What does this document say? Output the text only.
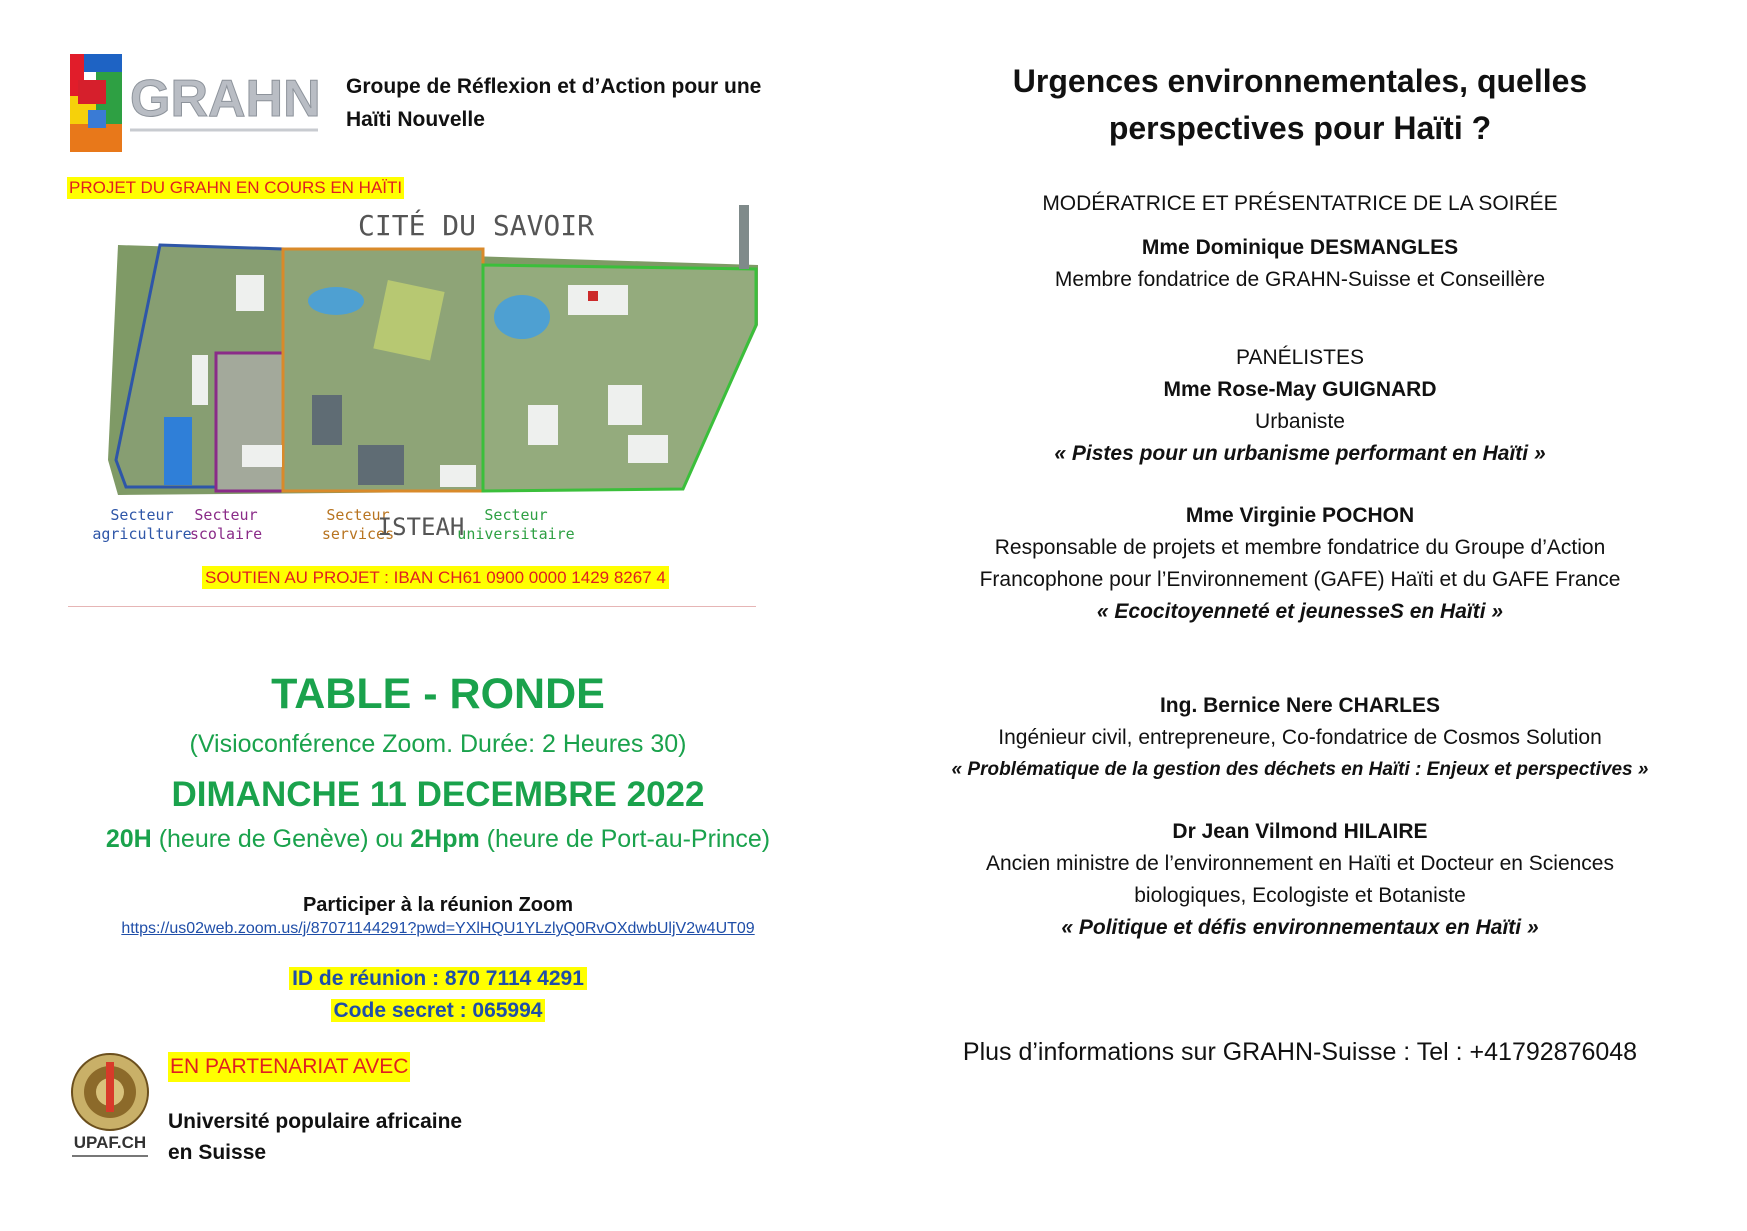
GRAHN Groupe de Réflexion et d’Action pour une
Haïti Nouvelle
PROJET DU GRAHN EN COURS EN HAÏTI
CITÉ DU SAVOIR
Secteur
agriculture
Secteur
scolaire
Secteur
services
Secteur
universitaire
ISTEAH
SOUTIEN AU PROJET : IBAN CH61 0900 0000 1429 8267 4
TABLE - RONDE
(Visioconférence Zoom. Durée: 2 Heures 30)
DIMANCHE 11 DECEMBRE 2022
20H (heure de Genève) ou 2Hpm (heure de Port-au-Prince)
Participer à la réunion Zoom
https://us02web.zoom.us/j/87071144291?pwd=YXlHQU1YLzlyQ0RvOXdwbUljV2w4UT09
ID de réunion : 870 7114 4291
Code secret : 065994
UPAF.CH
EN PARTENARIAT AVEC
Université populaire africaine
en Suisse
Urgences environnementales, quelles
perspectives pour Haïti ?
MODÉRATRICE ET PRÉSENTATRICE DE LA SOIRÉE
Mme Dominique DESMANGLES
Membre fondatrice de GRAHN-Suisse et Conseillère
PANÉLISTES
Mme Rose-May GUIGNARD
Urbaniste
« Pistes pour un urbanisme performant en Haïti »
Mme Virginie POCHON
Responsable de projets et membre fondatrice du Groupe d’Action
Francophone pour l’Environnement (GAFE) Haïti et du GAFE France
« Ecocitoyenneté et jeunesseS en Haïti »
Ing. Bernice Nere CHARLES
Ingénieur civil, entrepreneure, Co-fondatrice de Cosmos Solution
« Problématique de la gestion des déchets en Haïti : Enjeux et perspectives »
Dr Jean Vilmond HILAIRE
Ancien ministre de l’environnement en Haïti et Docteur en Sciences
biologiques, Ecologiste et Botaniste
« Politique et défis environnementaux en Haïti »
Plus d’informations sur GRAHN-Suisse : Tel : +41792876048
